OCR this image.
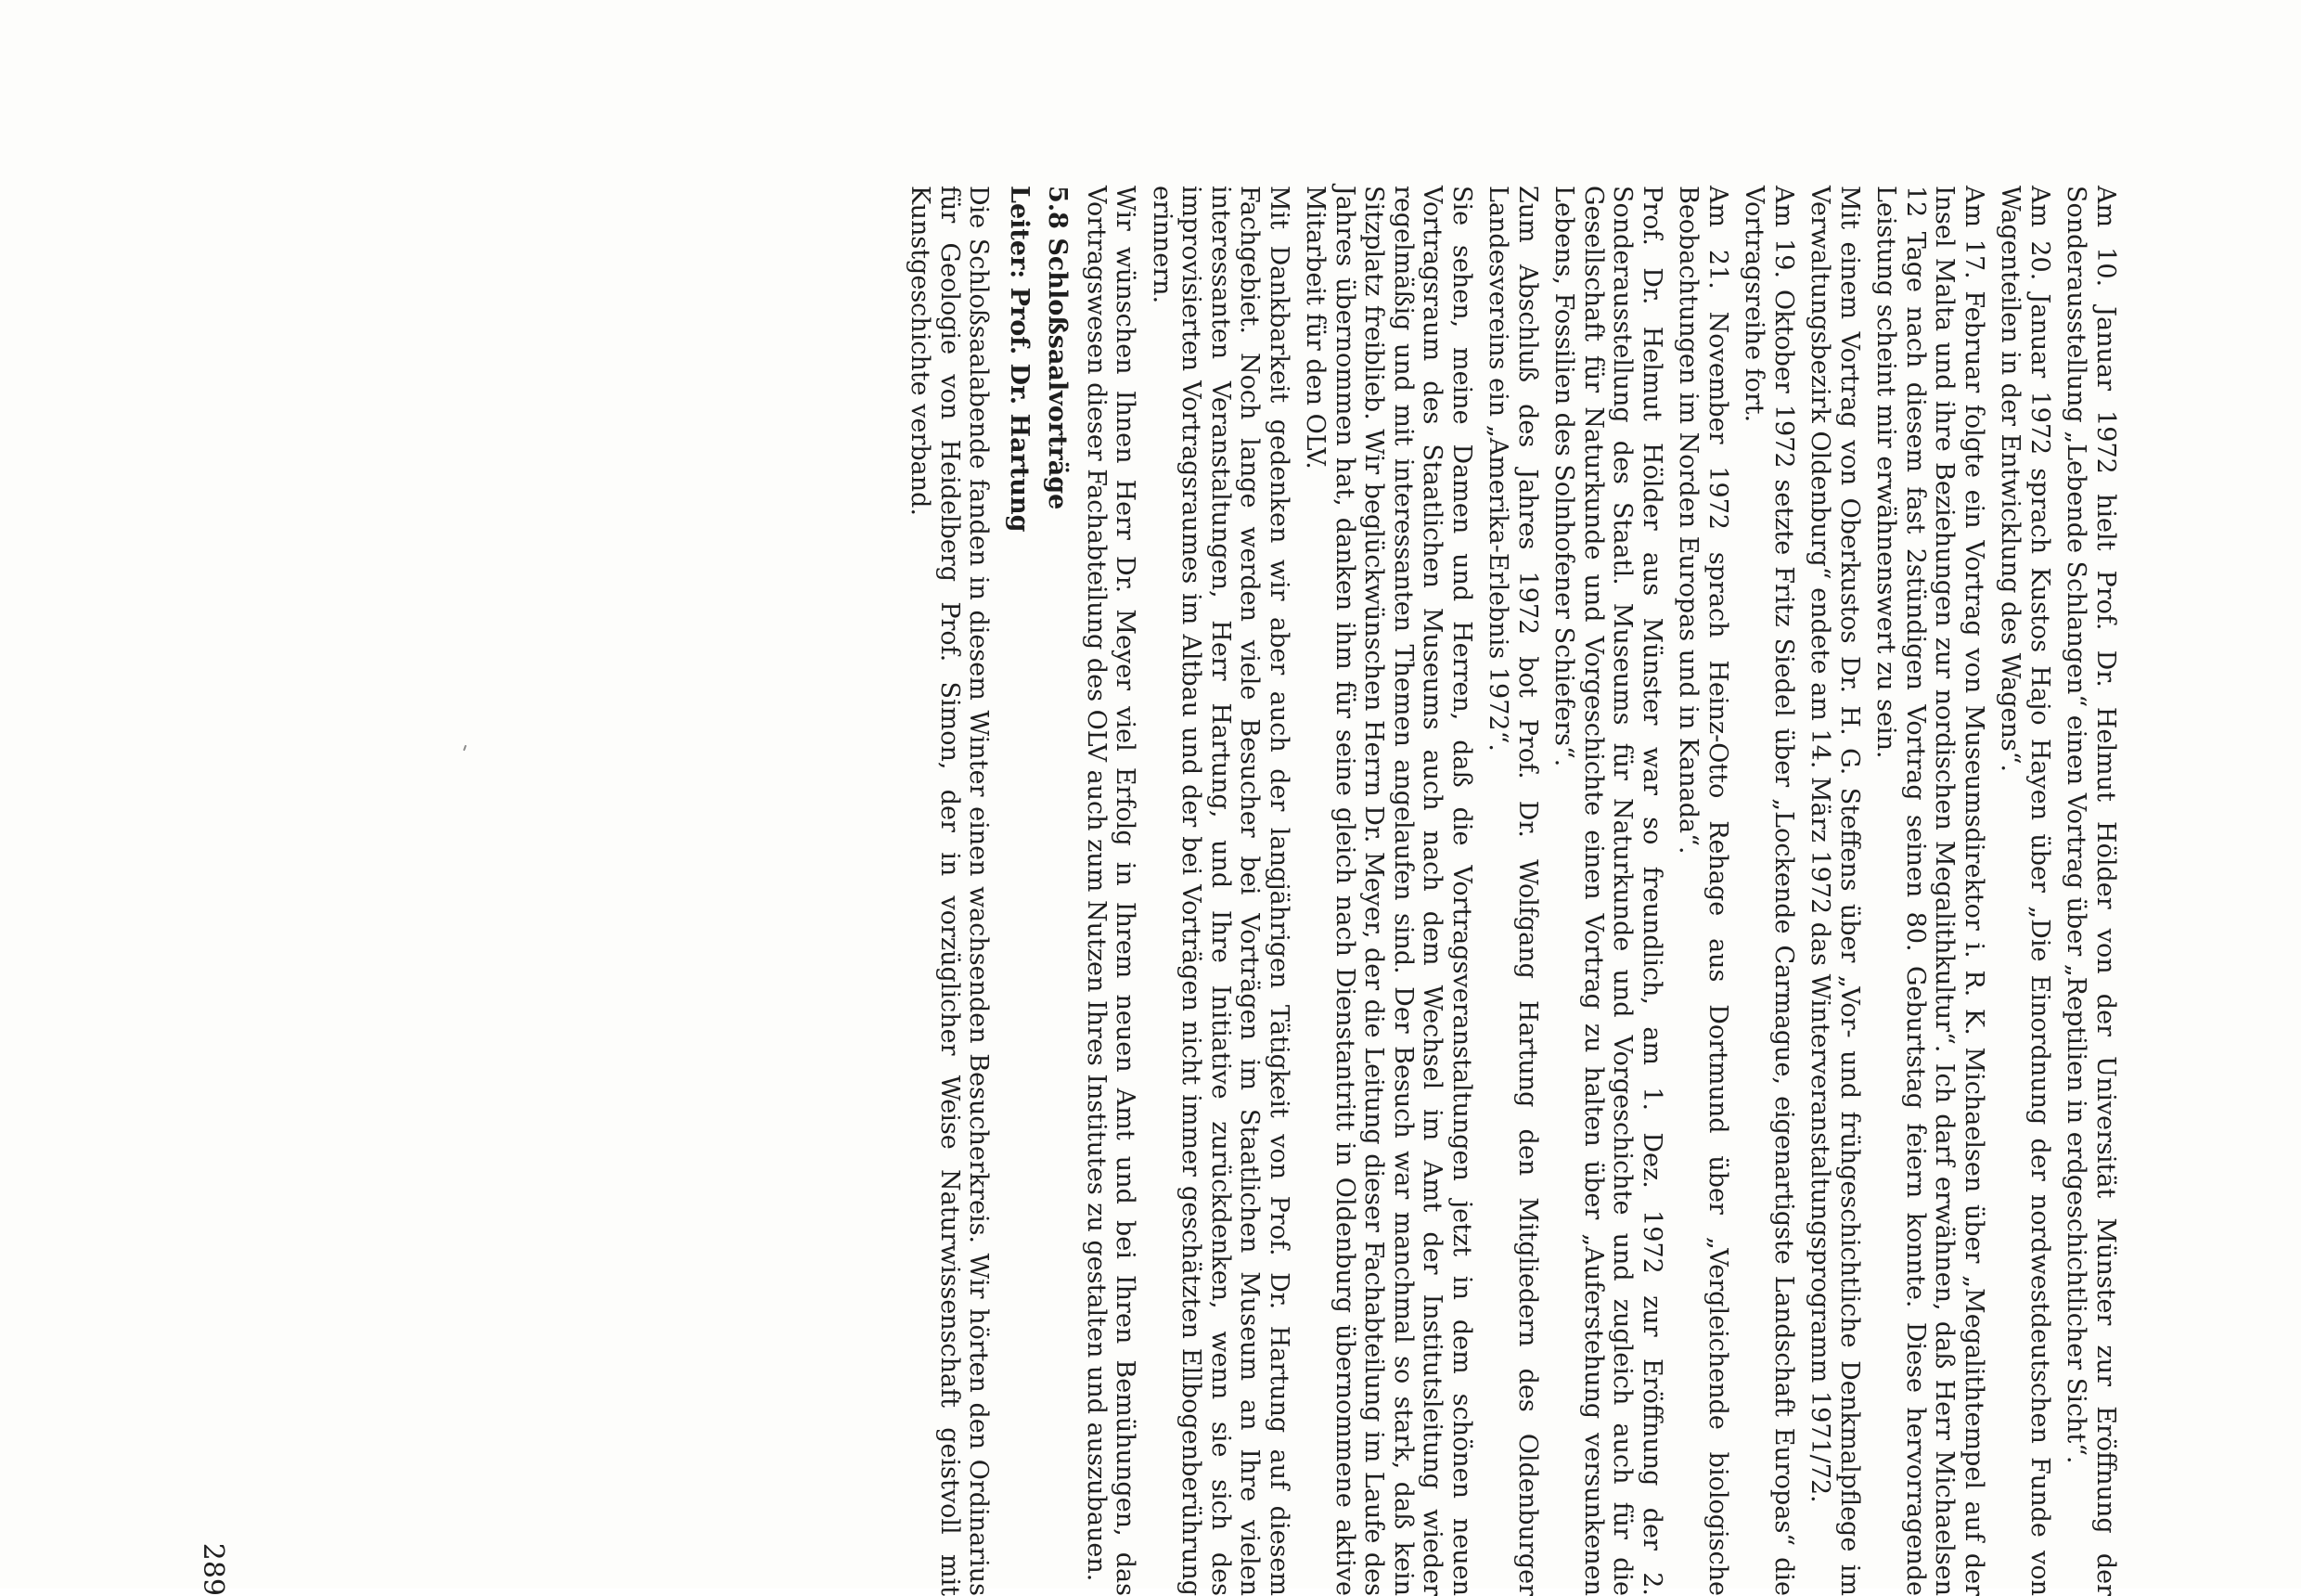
Am 10. Januar 1972 hielt Prof. Dr. Helmut Hölder von der Universität Münster zur Eröffnung der Sonderausstellung „Lebende Schlangen“ einen Vortrag über „Reptilien in erdgeschichtlicher Sicht“.

Am 20. Januar 1972 sprach Kustos Hajo Hayen über „Die Einordnung der nordwestdeutschen Funde von Wagenteilen in der Entwicklung des Wagens“.

Am 17. Februar folgte ein Vortrag von Museumsdirektor i. R. K. Michaelsen über „Megalithtempel auf der Insel Malta und ihre Beziehungen zur nordischen Megalithkultur“. Ich darf erwähnen, daß Herr Michaelsen 12 Tage nach diesem fast 2stündigen Vortrag seinen 80. Geburtstag feiern konnte. Diese hervorragende Leistung scheint mir erwähnenswert zu sein.

Mit einem Vortrag von Oberkustos Dr. H. G. Steffens über „Vor- und frühgeschichtliche Denkmalpflege im Verwaltungsbezirk Oldenburg“ endete am 14. März 1972 das Winterveranstaltungsprogramm 1971/72.

Am 19. Oktober 1972 setzte Fritz Siedel über „Lockende Carmague, eigenartigste Landschaft Europas“ die Vortragsreihe fort.

Am 21. November 1972 sprach Heinz-Otto Rehage aus Dortmund über „Vergleichende biologische Beobachtungen im Norden Europas und in Kanada“.

Prof. Dr. Helmut Hölder aus Münster war so freundlich, am 1. Dez. 1972 zur Eröffnung der 2. Sonderausstellung des Staatl. Museums für Naturkunde und Vorgeschichte und zugleich auch für die Gesellschaft für Naturkunde und Vorgeschichte einen Vortrag zu halten über „Auferstehung versunkenen Lebens, Fossilien des Solnhofener Schiefers“.

Zum Abschluß des Jahres 1972 bot Prof. Dr. Wolfgang Hartung den Mitgliedern des Oldenburger Landesvereins ein „Amerika-Erlebnis 1972“.

Sie sehen, meine Damen und Herren, daß die Vortragsveranstaltungen jetzt in dem schönen neuen Vortragsraum des Staatlichen Museums auch nach dem Wechsel im Amt der Institutsleitung wieder regelmäßig und mit interessanten Themen angelaufen sind. Der Besuch war manchmal so stark, daß kein Sitzplatz freiblieb. Wir beglückwünschen Herrn Dr. Meyer, der die Leitung dieser Fachabteilung im Laufe des Jahres übernommen hat, danken ihm für seine gleich nach Dienstantritt in Oldenburg übernommene aktive Mitarbeit für den OLV.

Mit Dankbarkeit gedenken wir aber auch der langjährigen Tätigkeit von Prof. Dr. Hartung auf diesem Fachgebiet. Noch lange werden viele Besucher bei Vorträgen im Staatlichen Museum an Ihre vielen interessanten Veranstaltungen, Herr Hartung, und Ihre Initiative zurückdenken, wenn sie sich des improvisierten Vortragsraumes im Altbau und der bei Vorträgen nicht immer geschätzten Ellbogenberührung erinnern.

Wir wünschen Ihnen Herr Dr. Meyer viel Erfolg in Ihrem neuen Amt und bei Ihren Bemühungen, das Vortragswesen dieser Fachabteilung des OLV auch zum Nutzen Ihres Institutes zu gestalten und auszubauen.

5.8 Schloßsaalvorträge
Leiter: Prof. Dr. Hartung

Die Schloßsaalabende fanden in diesem Winter einen wachsenden Besucherkreis. Wir hörten den Ordinarius für Geologie von Heidelberg Prof. Simon, der in vorzüglicher Weise Naturwissenschaft geistvoll mit Kunstgeschichte verband.

289
